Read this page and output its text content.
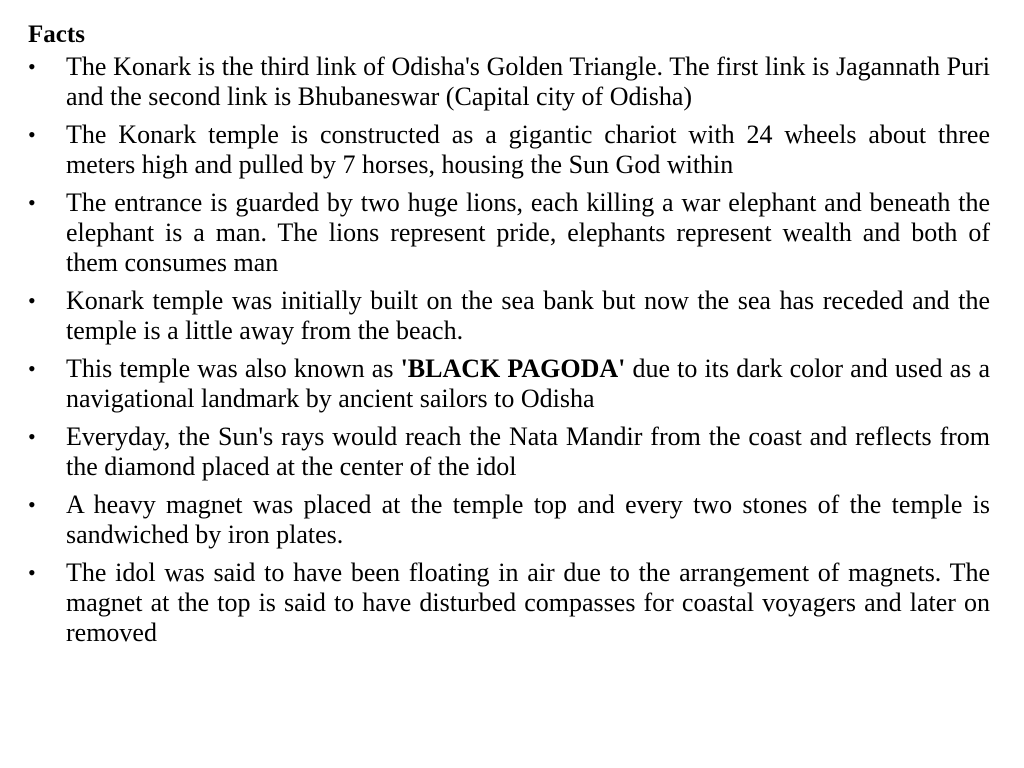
Facts

•	The Konark is the third link of Odisha's Golden Triangle. The first link is Jagannath Puri and the second link is Bhubaneswar (Capital city of Odisha)
•	The Konark temple is constructed as a gigantic chariot with 24 wheels about three meters high and pulled by 7 horses, housing the Sun God within
•	The entrance is guarded by two huge lions, each killing a war elephant and beneath the elephant is a man. The lions represent pride, elephants represent wealth and both of them consumes man
•	Konark temple was initially built on the sea bank but now the sea has receded and the temple is a little away from the beach.
•	This temple was also known as 'BLACK PAGODA' due to its dark color and used as a navigational landmark by ancient sailors to Odisha
•	Everyday, the Sun's rays would reach the Nata Mandir from the coast and reflects from the diamond placed at the center of the idol
•	A heavy magnet was placed at the temple top and every two stones of the temple is sandwiched by iron plates.
•	The idol was said to have been floating in air due to the arrangement of magnets. The magnet at the top is said to have disturbed compasses for coastal voyagers and later on removed
